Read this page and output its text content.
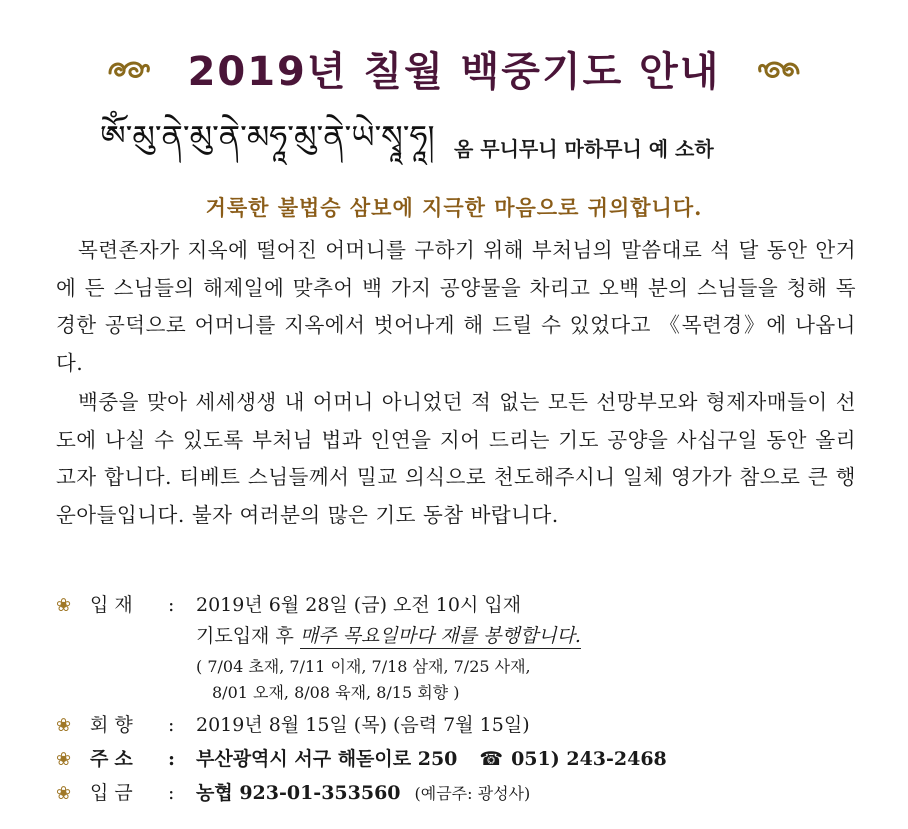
2019년 칠월 백중기도 안내
ༀ་མུ་ནེ་མུ་ནེ་མཧཱ་མུ་ནེ་ཡེ་སྭཱ་ཧཱ། 옴 무니무니 마하무니 예 소하
거룩한 불법승 삼보에 지극한 마음으로 귀의합니다.
목련존자가 지옥에 떨어진 어머니를 구하기 위해 부처님의 말씀대로 석 달 동안 안거에 든 스님들의 해제일에 맞추어 백 가지 공양물을 차리고 오백 분의 스님들을 청해 독경한 공덕으로 어머니를 지옥에서 벗어나게 해 드릴 수 있었다고 《목련경》에 나옵니다.
백중을 맞아 세세생생 내 어머니 아니었던 적 없는 모든 선망부모와 형제자매들이 선도에 나실 수 있도록 부처님 법과 인연을 지어 드리는 기도 공양을 사십구일 동안 올리고자 합니다. 티베트 스님들께서 밀교 의식으로 천도해주시니 일체 영가가 참으로 큰 행운아들입니다. 불자 여러분의 많은 기도 동참 바랍니다.
❀ 입재	:	2019년 6월 28일 (금) 오전 10시 입재
기도입재 후 매주 목요일마다 재를 봉행합니다.
( 7/04 초재, 7/11 이재, 7/18 삼재, 7/25 사재,
8/01 오재, 8/08 육재, 8/15 회향 )
❀ 회향	:	2019년 8월 15일 (목) (음력 7월 15일)
❀ 주소	:	부산광역시 서구 해돋이로 250 ☎ 051) 243-2468
❀ 입금	:	농협 923-01-353560 (예금주: 광성사)
